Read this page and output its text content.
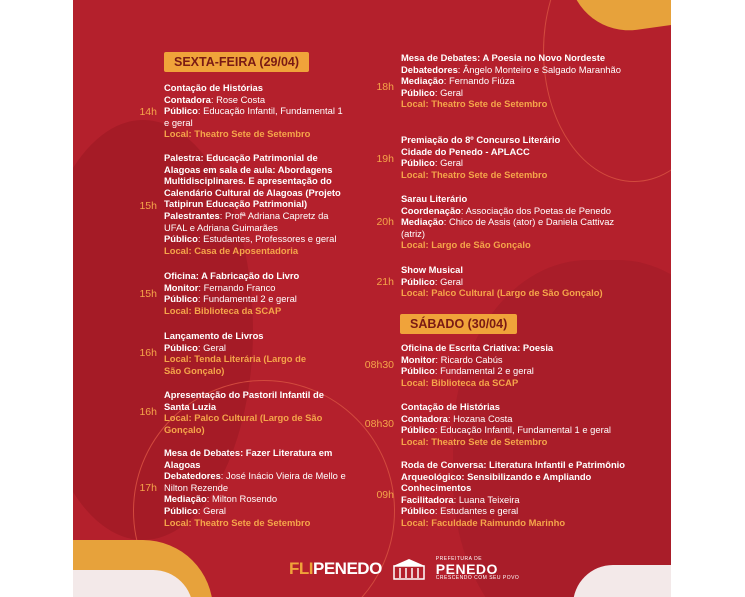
SEXTA-FEIRA (29/04)
SÁBADO (30/04)
14h
Contação de Histórias
Contadora: Rose Costa
Público: Educação Infantil, Fundamental 1 e geral
Local: Theatro Sete de Setembro
15h
Palestra: Educação Patrimonial de Alagoas em sala de aula: Abordagens Multidisciplinares. E apresentação do Calendário Cultural de Alagoas (Projeto Tatipirun Educação Patrimonial)
Palestrantes: Profª Adriana Capretz da UFAL e Adriana Guimarães
Público: Estudantes, Professores e geral
Local: Casa de Aposentadoria
15h
Oficina: A Fabricação do Livro
Monitor: Fernando Franco
Público: Fundamental 2 e geral
Local: Biblioteca da SCAP
16h
Lançamento de Livros
Público: Geral
Local: Tenda Literária (Largo de São Gonçalo)
16h
Apresentação do Pastoril Infantil de Santa Luzia
Local: Palco Cultural (Largo de São Gonçalo)
17h
Mesa de Debates: Fazer Literatura em Alagoas
Debatedores: José Inácio Vieira de Mello e Nilton Rezende
Mediação: Milton Rosendo
Público: Geral
Local: Theatro Sete de Setembro
18h
Mesa de Debates: A Poesia no Novo Nordeste
Debatedores: Ângelo Monteiro e Salgado Maranhão
Mediação: Fernando Fiúza
Público: Geral
Local: Theatro Sete de Setembro
19h
Premiação do 8º Concurso Literário Cidade do Penedo - APLACC
Público: Geral
Local: Theatro Sete de Setembro
20h
Sarau Literário
Coordenação: Associação dos Poetas de Penedo
Mediação: Chico de Assis (ator) e Daniela Cattivaz (atriz)
Local: Largo de São Gonçalo
21h
Show Musical
Público: Geral
Local: Palco Cultural (Largo de São Gonçalo)
08h30
Oficina de Escrita Criativa: Poesia
Monitor: Ricardo Cabús
Público: Fundamental 2 e geral
Local: Biblioteca da SCAP
08h30
Contação de Histórias
Contadora: Hozana Costa
Público: Educação Infantil, Fundamental 1 e geral
Local: Theatro Sete de Setembro
09h
Roda de Conversa: Literatura Infantil e Patrimônio Arqueológico: Sensibilizando e Ampliando Conhecimentos
Facilitadora: Luana Teixeira
Público: Estudantes e geral
Local: Faculdade Raimundo Marinho
FLIPENEDO	PREFEITURA DE
PENEDO
CRESCENDO COM SEU POVO
